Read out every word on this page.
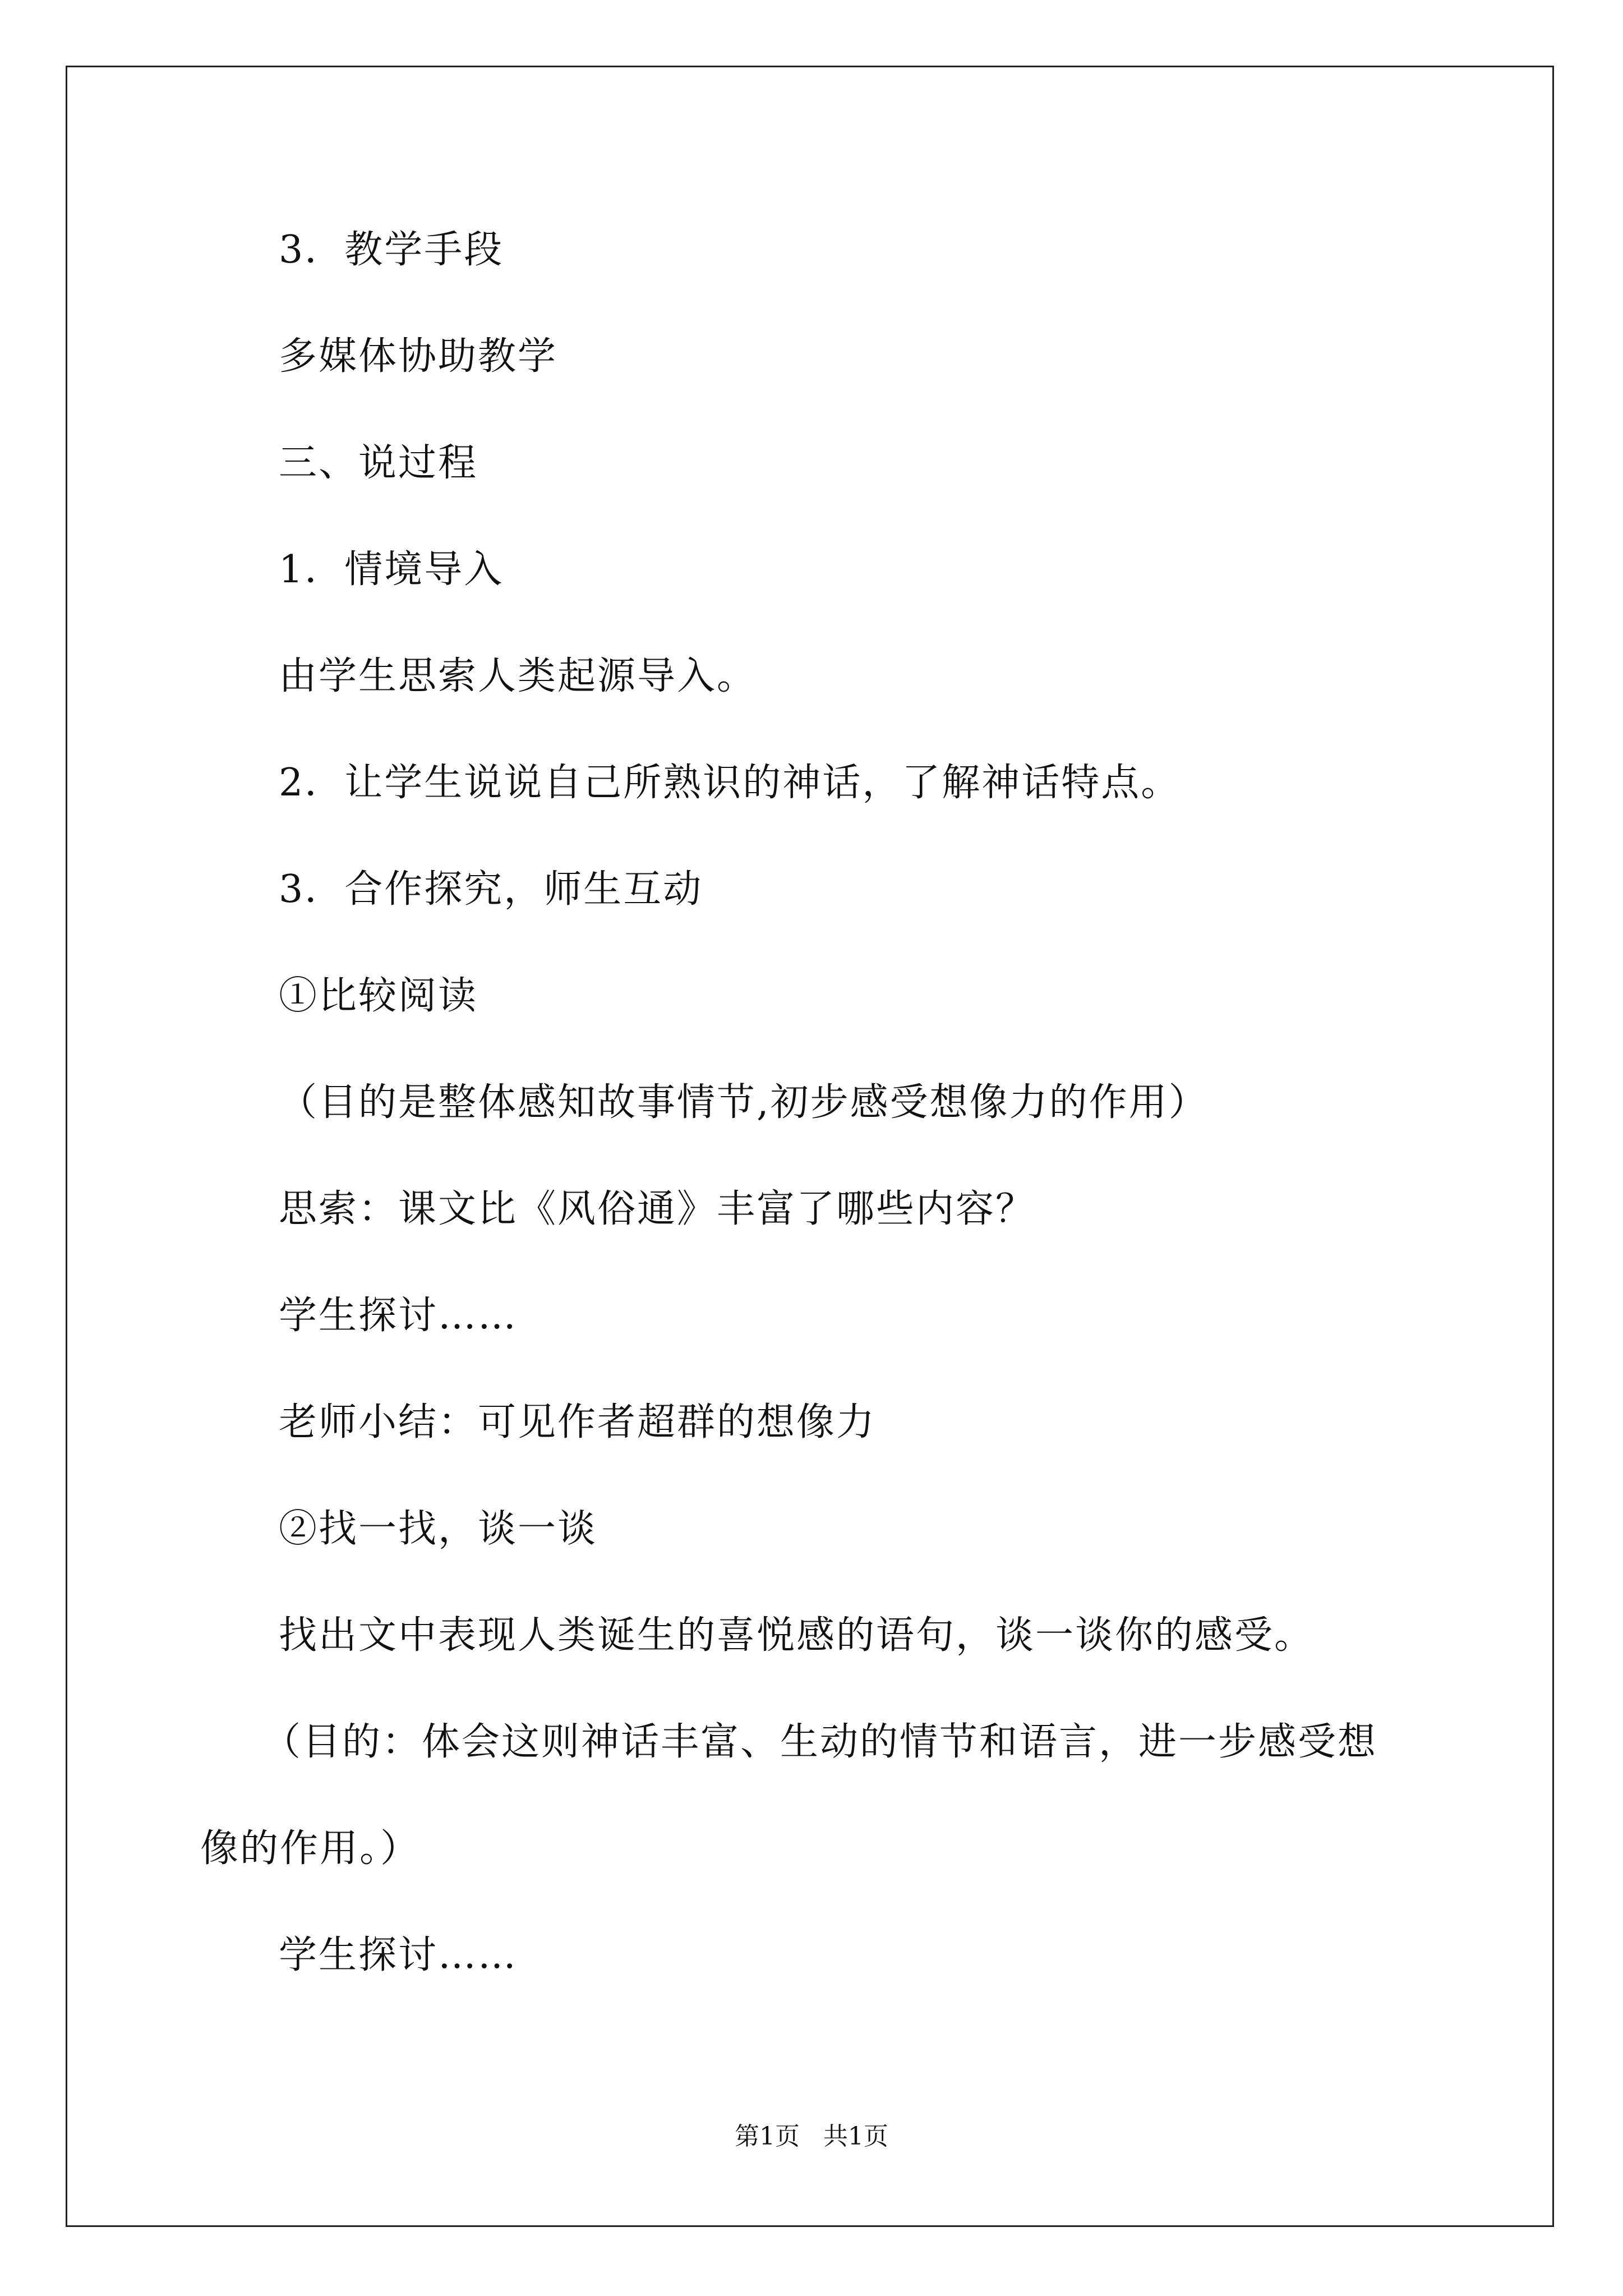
3．教学手段

多媒体协助教学

三、说过程

1．情境导入

由学生思索人类起源导入。

2．让学生说说自己所熟识的神话，了解神话特点。

3．合作探究，师生互动

①比较阅读

（目的是整体感知故事情节,初步感受想像力的作用）

思索：课文比《风俗通》丰富了哪些内容？

学生探讨……

老师小结：可见作者超群的想像力

②找一找，谈一谈

找出文中表现人类诞生的喜悦感的语句，谈一谈你的感受。

（目的：体会这则神话丰富、生动的情节和语言，进一步感受想

像的作用。）

学生探讨……

第1页   共1页
